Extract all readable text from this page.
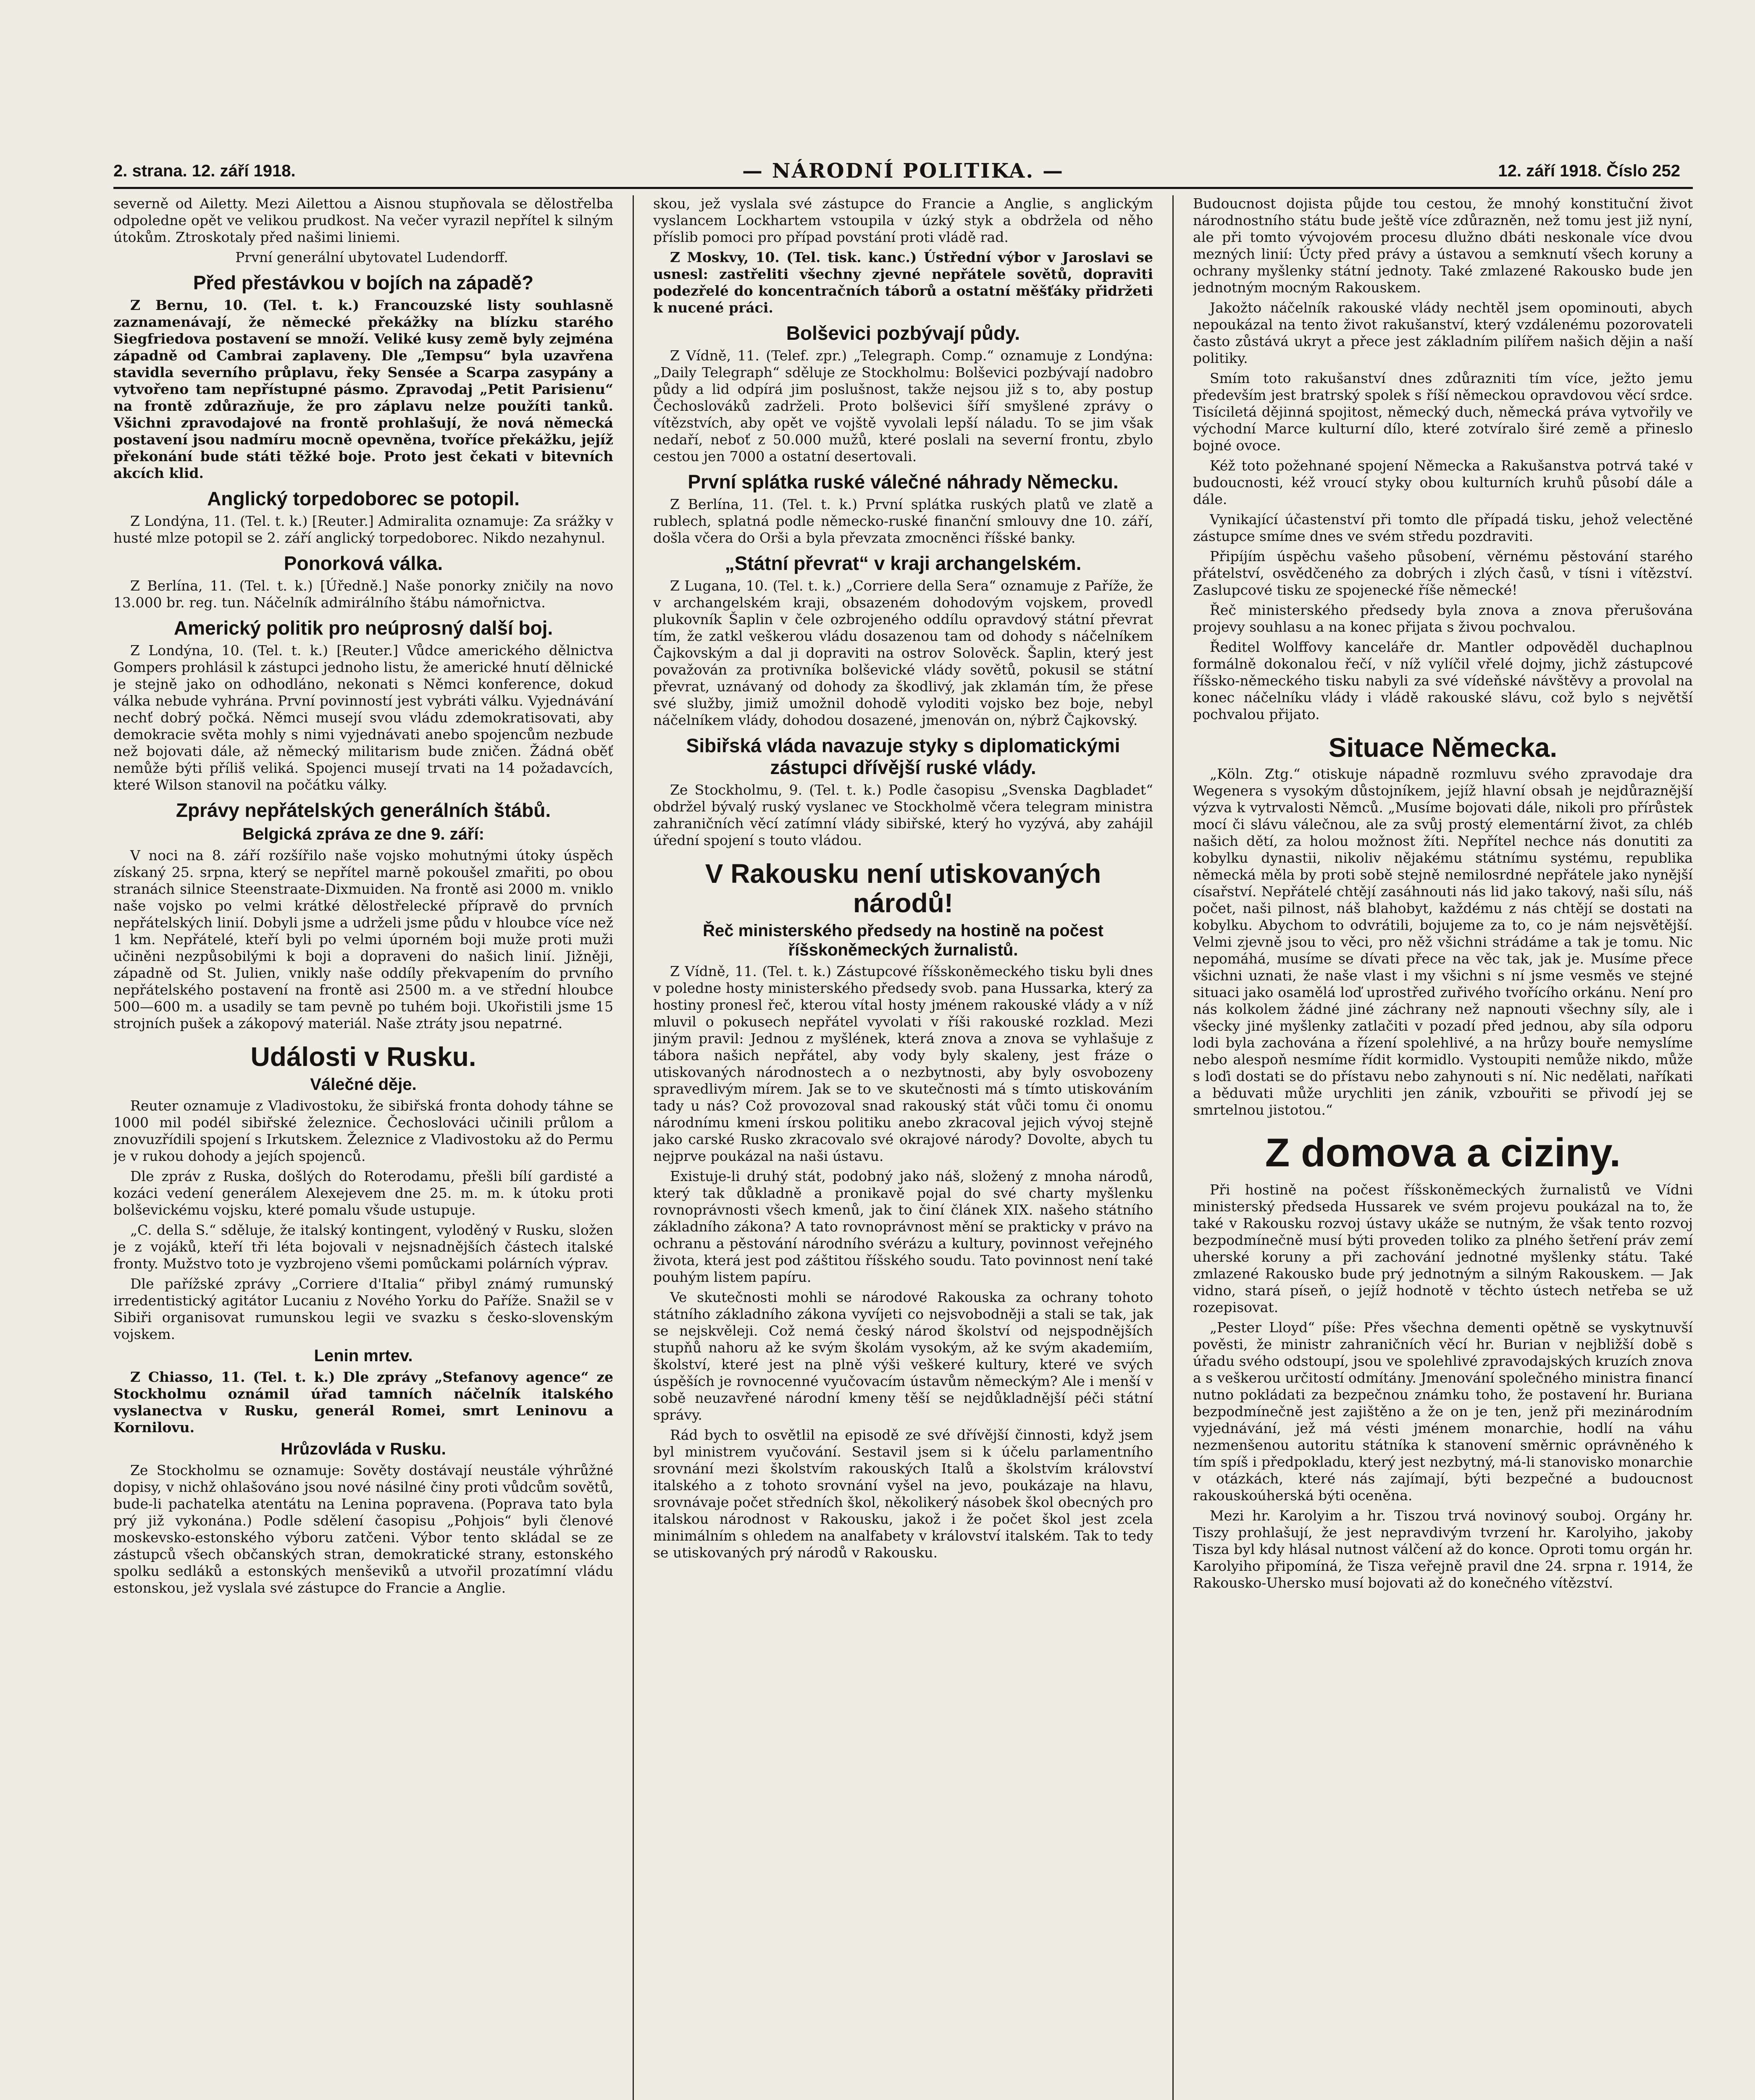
2. strana. 12. září 1918.	— NÁRODNÍ POLITIKA. —	12. září 1918. Číslo 252

severně od Ailetty. Mezi Ailettou a Aisnou stupňovala se dělostřelba odpoledne opět ve velikou prudkost. Na večer vyrazil nepřítel k silným útokům. Ztroskotaly před našimi liniemi.

První generální ubytovatel Ludendorff.

Před přestávkou v bojích na západě?

Z Bernu, 10. (Tel. t. k.) Francouzské listy souhlasně zaznamenávají, že německé překážky na blízku starého Siegfriedova postavení se množí. Veliké kusy země byly zejména západně od Cambrai zaplaveny. Dle „Tempsu“ byla uzavřena stavidla severního průplavu, řeky Sensée a Scarpa zasypány a vytvořeno tam nepřístupné pásmo. Zpravodaj „Petit Parisienu“ na frontě zdůrazňuje, že pro záplavu nelze použíti tanků. Všichni zpravodajové na frontě prohlašují, že nová německá postavení jsou nadmíru mocně opevněna, tvoříce překážku, jejíž překonání bude státi těžké boje. Proto jest čekati v bitevních akcích klid.

Anglický torpedoborec se potopil.

Z Londýna, 11. (Tel. t. k.) [Reuter.] Admiralita oznamuje: Za srážky v husté mlze potopil se 2. září anglický torpedoborec. Nikdo nezahynul.

Ponorková válka.

Z Berlína, 11. (Tel. t. k.) [Úředně.] Naše ponorky zničily na novo 13.000 br. reg. tun. Náčelník admirálního štábu námořnictva.

Americký politik pro neúprosný další boj.

Z Londýna, 10. (Tel. t. k.) [Reuter.] Vůdce amerického dělnictva Gompers prohlásil k zástupci jednoho listu, že americké hnutí dělnické je stejně jako on odhodláno, nekonati s Němci konference, dokud válka nebude vyhrána. První povinností jest vybráti válku. Vyjednávání nechť dobrý počká. Němci musejí svou vládu zdemokratisovati, aby demokracie světa mohly s nimi vyjednávati anebo spojencům nezbude než bojovati dále, až německý militarism bude zničen. Žádná oběť nemůže býti příliš veliká. Spojenci musejí trvati na 14 požadavcích, které Wilson stanovil na počátku války.

Zprávy nepřátelských generálních štábů.
Belgická zpráva ze dne 9. září:

V noci na 8. září rozšířilo naše vojsko mohutnými útoky úspěch získaný 25. srpna, který se nepřítel marně pokoušel zmařiti, po obou stranách silnice Steenstraate-Dixmuiden. Na frontě asi 2000 m. vniklo naše vojsko po velmi krátké dělostřelecké přípravě do prvních nepřátelských linií. Dobyli jsme a udrželi jsme půdu v hloubce více než 1 km. Nepřátelé, kteří byli po velmi úporném boji muže proti muži učiněni nezpůsobilými k boji a dopraveni do našich linií. Jižněji, západně od St. Julien, vnikly naše oddíly překvapením do prvního nepřátelského postavení na frontě asi 2500 m. a ve střední hloubce 500—600 m. a usadily se tam pevně po tuhém boji. Ukořistili jsme 15 strojních pušek a zákopový materiál. Naše ztráty jsou nepatrné.

Události v Rusku.
Válečné děje.

Reuter oznamuje z Vladivostoku, že sibiřská fronta dohody táhne se 1000 mil podél sibiřské železnice. Čechoslováci učinili průlom a znovuzřídili spojení s Irkutskem. Železnice z Vladivostoku až do Permu je v rukou dohody a jejích spojenců.

Dle zpráv z Ruska, došlých do Roterodamu, přešli bílí gardisté a kozáci vedení generálem Alexejevem dne 25. m. m. k útoku proti bolševickému vojsku, které pomalu všude ustupuje.

„C. della S.“ sděluje, že italský kontingent, vyloděný v Rusku, složen je z vojáků, kteří tři léta bojovali v nejsnadnějších částech italské fronty. Mužstvo toto je vyzbrojeno všemi pomůckami polárních výprav.

Dle pařížské zprávy „Corriere d'Italia“ přibyl známý rumunský irredentistický agitátor Lucaniu z Nového Yorku do Paříže. Snažil se v Sibiři organisovat rumunskou legii ve svazku s česko-slovenským vojskem.

Lenin mrtev.

Z Chiasso, 11. (Tel. t. k.) Dle zprávy „Stefanovy agence“ ze Stockholmu oznámil úřad tamních náčelník italského vyslanectva v Rusku, generál Romei, smrt Leninovu a Kornilovu.

Hrůzovláda v Rusku.

Ze Stockholmu se oznamuje: Sověty dostávají neustále výhrůžné dopisy, v nichž ohlašováno jsou nové násilné činy proti vůdcům sovětů, bude-li pachatelka atentátu na Lenina popravena. (Poprava tato byla prý již vykonána.) Podle sdělení časopisu „Pohjois“ byli členové moskevsko-estonského výboru zatčeni. Výbor tento skládal se ze zástupců všech občanských stran, demokratické strany, estonského spolku sedláků a estonských menševiků a utvořil prozatímní vládu estonskou, jež vyslala své zástupce do Francie a Anglie.

skou, jež vyslala své zástupce do Francie a Anglie, s anglickým vyslancem Lockhartem vstoupila v úzký styk a obdržela od něho příslib pomoci pro případ povstání proti vládě rad.

Z Moskvy, 10. (Tel. tisk. kanc.) Ústřední výbor v Jaroslavi se usnesl: zastřeliti všechny zjevné nepřátele sovětů, dopraviti podezřelé do koncentračních táborů a ostatní měšťáky přidržeti k nucené práci.

Bolševici pozbývají půdy.

Z Vídně, 11. (Telef. zpr.) „Telegraph. Comp.“ oznamuje z Londýna: „Daily Telegraph“ sděluje ze Stockholmu: Bolševici pozbývají nadobro půdy a lid odpírá jim poslušnost, takže nejsou již s to, aby postup Čechoslováků zadrželi. Proto bolševici šíří smyšlené zprávy o vítězstvích, aby opět ve vojště vyvolali lepší náladu. To se jim však nedaří, neboť z 50.000 mužů, které poslali na severní frontu, zbylo cestou jen 7000 a ostatní desertovali.

První splátka ruské válečné náhrady Německu.

Z Berlína, 11. (Tel. t. k.) První splátka ruských platů ve zlatě a rublech, splatná podle německo-ruské finanční smlouvy dne 10. září, došla včera do Orši a byla převzata zmocněnci říšské banky.

„Státní převrat“ v kraji archangelském.

Z Lugana, 10. (Tel. t. k.) „Corriere della Sera“ oznamuje z Paříže, že v archangelském kraji, obsazeném dohodovým vojskem, provedl plukovník Šaplin v čele ozbrojeného oddílu opravdový státní převrat tím, že zatkl veškerou vládu dosazenou tam od dohody s náčelníkem Čajkovským a dal ji dopraviti na ostrov Solověck. Šaplin, který jest považován za protivníka bolševické vlády sovětů, pokusil se státní převrat, uznávaný od dohody za škodlivý, jak zklamán tím, že přese své služby, jimiž umožnil dohodě vyloditi vojsko bez boje, nebyl náčelníkem vlády, dohodou dosazené, jmenován on, nýbrž Čajkovský.

Sibiřská vláda navazuje styky s diplomatickými zástupci dřívější ruské vlády.

Ze Stockholmu, 9. (Tel. t. k.) Podle časopisu „Svenska Dagbladet“ obdržel bývalý ruský vyslanec ve Stockholmě včera telegram ministra zahraničních věcí zatímní vlády sibiřské, který ho vyzývá, aby zahájil úřední spojení s touto vládou.

V Rakousku není utiskovaných národů!
Řeč ministerského předsedy na hostině na počest říšskoněmeckých žurnalistů.

Z Vídně, 11. (Tel. t. k.) Zástupcové říšskoněmeckého tisku byli dnes v poledne hosty ministerského předsedy svob. pana Hussarka, který za hostiny pronesl řeč, kterou vítal hosty jménem rakouské vlády a v níž mluvil o pokusech nepřátel vyvolati v říši rakouské rozklad. Mezi jiným pravil: Jednou z myšlének, která znova a znova se vyhlašuje z tábora našich nepřátel, aby vody byly skaleny, jest fráze o utiskovaných národnostech a o nezbytnosti, aby byly osvobozeny spravedlivým mírem. Jak se to ve skutečnosti má s tímto utiskováním tady u nás? Což provozoval snad rakouský stát vůči tomu či onomu národnímu kmeni írskou politiku anebo zkracoval jejich vývoj stejně jako carské Rusko zkracovalo své okrajové národy? Dovolte, abych tu nejprve poukázal na naši ústavu.

Existuje-li druhý stát, podobný jako náš, složený z mnoha národů, který tak důkladně a pronikavě pojal do své charty myšlenku rovnoprávnosti všech kmenů, jak to činí článek XIX. našeho státního základního zákona? A tato rovnoprávnost mění se prakticky v právo na ochranu a pěstování národního svérázu a kultury, povinnost veřejného života, která jest pod záštitou říšského soudu. Tato povinnost není také pouhým listem papíru.

Ve skutečnosti mohli se národové Rakouska za ochrany tohoto státního základního zákona vyvíjeti co nejsvobodněji a stali se tak, jak se nejskvěleji. Což nemá český národ školství od nejspodnějších stupňů nahoru až ke svým školám vysokým, až ke svým akademiím, školství, které jest na plně výši veškeré kultury, které ve svých úspěších je rovnocenné vyučovacím ústavům německým? Ale i menší v sobě neuzavřené národní kmeny těší se nejdůkladnější péči státní správy.

Rád bych to osvětlil na episodě ze své dřívější činnosti, když jsem byl ministrem vyučování. Sestavil jsem si k účelu parlamentního srovnání mezi školstvím rakouských Italů a školstvím království italského a z tohoto srovnání vyšel na jevo, poukázaje na hlavu, srovnávaje počet středních škol, několikerý násobek škol obecných pro italskou národnost v Rakousku, jakož i že počet škol jest zcela minimálním s ohledem na analfabety v království italském. Tak to tedy se utiskovaných prý národů v Rakousku.

Budoucnost dojista půjde tou cestou, že mnohý konstituční život národnostního státu bude ještě více zdůrazněn, než tomu jest již nyní, ale při tomto vývojovém procesu dlužno dbáti neskonale více dvou mezných linií: Úcty před právy a ústavou a semknutí všech koruny a ochrany myšlenky státní jednoty. Také zmlazené Rakousko bude jen jednotným mocným Rakouskem.

Jakožto náčelník rakouské vlády nechtěl jsem opominouti, abych nepoukázal na tento život rakušanství, který vzdálenému pozorovateli často zůstává ukryt a přece jest základním pilířem našich dějin a naší politiky.

Smím toto rakušanství dnes zdůrazniti tím více, ježto jemu především jest bratrský spolek s říší německou opravdovou věcí srdce. Tisíciletá dějinná spojitost, německý duch, německá práva vytvořily ve východní Marce kulturní dílo, které zotvíralo širé země a přineslo bojné ovoce.

Kéž toto požehnané spojení Německa a Rakušanstva potrvá také v budoucnosti, kéž vroucí styky obou kulturních kruhů působí dále a dále.

Vynikající účastenství při tomto dle případá tisku, jehož velectěné zástupce smíme dnes ve svém středu pozdraviti.

Připíjím úspěchu vašeho působení, věrnému pěstování starého přátelství, osvědčeného za dobrých i zlých časů, v tísni i vítězství. Zaslupcové tisku ze spojenecké říše německé!

Řeč ministerského předsedy byla znova a znova přerušována projevy souhlasu a na konec přijata s živou pochvalou.

Ředitel Wolffovy kanceláře dr. Mantler odpověděl duchaplnou formálně dokonalou řečí, v níž vylíčil vřelé dojmy, jichž zástupcové říšsko-německého tisku nabyli za své vídeňské návštěvy a provolal na konec náčelníku vlády i vládě rakouské slávu, což bylo s největší pochvalou přijato.

Situace Německa.

„Köln. Ztg.“ otiskuje nápadně rozmluvu svého zpravodaje dra Wegenera s vysokým důstojníkem, jejíž hlavní obsah je nejdůraznější výzva k vytrvalosti Němců. „Musíme bojovati dále, nikoli pro přírůstek mocí či slávu válečnou, ale za svůj prostý elementární život, za chléb našich dětí, za holou možnost žíti. Nepřítel nechce nás donutiti za kobylku dynastii, nikoliv nějakému státnímu systému, republika německá měla by proti sobě stejně nemilosrdné nepřátele jako nynější císařství. Nepřátelé chtějí zasáhnouti nás lid jako takový, naši sílu, náš počet, naši pilnost, náš blahobyt, každému z nás chtějí se dostati na kobylku. Abychom to odvrátili, bojujeme za to, co je nám nejsvětější. Velmi zjevně jsou to věci, pro něž všichni strádáme a tak je tomu. Nic nepomáhá, musíme se dívati přece na věc tak, jak je. Musíme přece všichni uznati, že naše vlast i my všichni s ní jsme vesměs ve stejné situaci jako osamělá loď uprostřed zuřivého tvořícího orkánu. Není pro nás kolkolem žádné jiné záchrany než napnouti všechny síly, ale i všecky jiné myšlenky zatlačiti v pozadí před jednou, aby síla odporu lodi byla zachována a řízení spolehlivé, a na hrůzy bouře nemyslíme nebo alespoň nesmíme řídit kormidlo. Vystoupiti nemůže nikdo, může s loďi dostati se do přístavu nebo zahynouti s ní. Nic nedělati, naříkati a běduvati může urychliti jen zánik, vzbouřiti se přivodí jej se smrtelnou jistotou.“

Z domova a ciziny.

Při hostině na počest říšskoněmeckých žurnalistů ve Vídni ministerský předseda Hussarek ve svém projevu poukázal na to, že také v Rakousku rozvoj ústavy ukáže se nutným, že však tento rozvoj bezpodmínečně musí býti proveden toliko za plného šetření práv zemí uherské koruny a při zachování jednotné myšlenky státu. Také zmlazené Rakousko bude prý jednotným a silným Rakouskem. — Jak vidno, stará píseň, o jejíž hodnotě v těchto ústech netřeba se už rozepisovat.

„Pester Lloyd“ píše: Přes všechna dementi opětně se vyskytnuvší pověsti, že ministr zahraničních věcí hr. Burian v nejbližší době s úřadu svého odstoupí, jsou ve spolehlivé zpravodajských kruzích znova a s veškerou určitostí odmítány. Jmenování společného ministra financí nutno pokládati za bezpečnou známku toho, že postavení hr. Buriana bezpodmínečně jest zajištěno a že on je ten, jenž při mezinárodním vyjednávání, jež má vésti jménem monarchie, hodlí na váhu nezmenšenou autoritu státníka k stanovení směrnic oprávněného k tím spíš i předpokladu, který jest nezbytný, má-li stanovisko monarchie v otázkách, které nás zajímají, býti bezpečné a budoucnost rakouskoúherská býti oceněna.

Mezi hr. Karolyim a hr. Tiszou trvá novinový souboj. Orgány hr. Tiszy prohlašují, že jest nepravdivým tvrzení hr. Karolyiho, jakoby Tisza byl kdy hlásal nutnost válčení až do konce. Oproti tomu orgán hr. Karolyiho připomíná, že Tisza veřejně pravil dne 24. srpna r. 1914, že Rakousko-Uhersko musí bojovati až do konečného vítězství.
